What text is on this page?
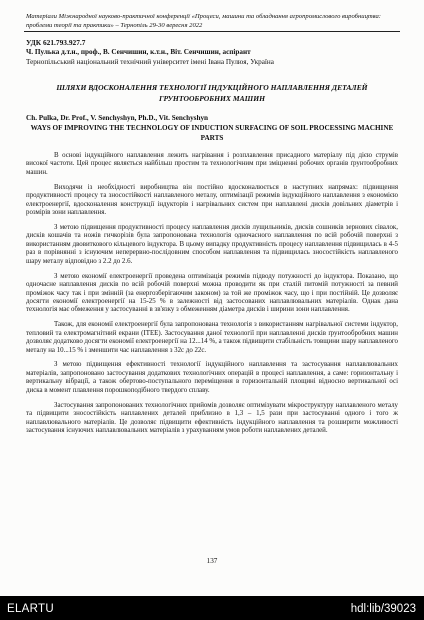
Матеріали Міжнародної науково-практичної конференції «Процеси, машини та обладнання агропромислового виробництва: проблеми теорії та практики» – Тернопіль 29-30 вересня 2022
УДК 621.793.927.7
Ч. Пулька д.т.н., проф., В. Сенчишин, к.т.н., Віт. Сенчишин, аспірант
Тернопільський національний технічний університет імені Івана Пулюя, Україна
ШЛЯХИ ВДОСКОНАЛЕННЯ ТЕХНОЛОГІЇ ІНДУКЦІЙНОГО НАПЛАВЛЕННЯ ДЕТАЛЕЙ ГРУНТООБРОБНИХ МАШИН
Ch. Pulka, Dr. Prof., V. Senchyshyn, Ph.D., Vit. Senchyshyn
WAYS OF IMPROVING THE TECHNOLOGY OF INDUCTION SURFACING OF SOIL PROCESSING MACHINE PARTS

В основі індукційного наплавлення лежить нагрівання і розплавлення присадного матеріалу під дією струмів високої частоти. Цей процес являється найбільш простим та технологічним при зміцненні робочих органів ґрунтообробних машин.

Виходячи із необхідності виробництва він постійно вдосконалюється в наступних напрямах: підвищення продуктивності процесу та зносостійкості наплавленого металу, оптимізації режимів індукційного наплавлення з економією електроенергії, вдосконалення конструкції індукторів і нагрівальних систем при наплавлені дисків довільних діаметрів і розмірів зони наплавлення.

З метою підвищення продуктивності процесу наплавлення дисків лущильників, дисків сошників зернових сівалок, дисків кошачів та ножів гичкорізів була запропонована технологія одночасного наплавлення по всій робочій поверхні з використанням двовиткового кільцевого індуктора. В цьому випадку продуктивність процесу наплавлення підвищилась в 4-5 раз в порівнянні з існуючим неперервно-послідовним способом наплавлення та підвищилась зносостійкість наплавленого шару металу відповідно з 2.2 до 2.6.

З метою економії електроенергії проведена оптимізація режимів підводу потужності до індуктора. Показано, що одночасне наплавлення дисків по всій робочій поверхні можна проводити як при сталій питомій потужності за певний проміжок часу так і при змінній (за енергозберігаючим законом) за той же проміжок часу, що і при постійній. Це дозволяє досягти економії електроенергії на 15-25 % в залежності від застосованих наплавлювальних матеріалів. Однак дана технологія має обмеження у застосуванні в зв'язку з обмеженням діаметра дисків і ширини зони наплавлення.

Також, для економії електроенергії була запропонована технологія з використанням нагрівальної системи індуктор, тепловий та електромагнітний екрани (ІТЕЕ). Застосування даної технології при наплавленні дисків ґрунтообробних машин дозволяє додатково досягти економії електроенергії на 12...14 %, а також підвищити стабільність товщини шару наплавленого металу на 10...15 % і зменшити час наплавлення з 32с до 22с.

З метою підвищення ефективності технології індукційного наплавлення та застосування наплавлювальних матеріалів, запропоновано застосування додаткових технологічних операцій в процесі наплавлення, а саме: горизонтальну і вертикальну вібрації, а також обертово-поступального переміщення в горизонтальній площині відносно вертикальної осі диска в момент плавлення порошкоподібного твердого сплаву.

Застосування запропонованих технологічних прийомів дозволяє оптимізувати мікроструктуру наплавленого металу та підвищити зносостійкість наплавлених деталей приблизно в 1,3 – 1,5 рази при застосуванні одного і того ж наплавлювального матеріалів. Це дозволяє підвищити ефективність індукційного наплавлення та розширити можливості застосування існуючих наплавлювальних матеріалів з урахуванням умов роботи наплавлених деталей.

137
ELARTU	hdl:lib/39023
